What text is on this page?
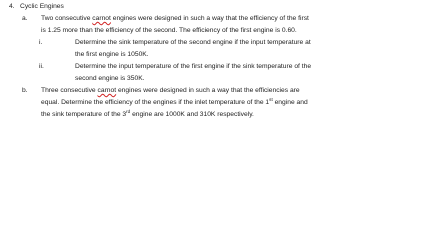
4. Cyclic Engines
a. Two consecutive carnot engines were designed in such a way that the efficiency of the first
is 1.25 more than the efficiency of the second. The efficiency of the first engine is 0.60.
i.	Determine the sink temperature of the second engine if the input temperature at
the first engine is 1050K.
ii.	Determine the input temperature of the first engine if the sink temperature of the
second engine is 350K.
b. Three consecutive carnot engines were designed in such a way that the efficiencies are
equal. Determine the efficiency of the engines if the inlet temperature of the 1st engine and
the sink temperature of the 3rd engine are 1000K and 310K respectively.
